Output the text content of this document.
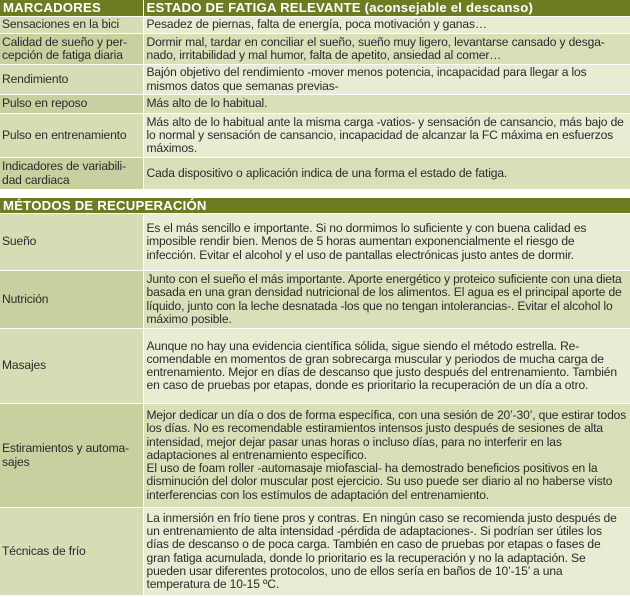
MARCADORES	ESTADO DE FATIGA RELEVANTE (aconsejable el descanso)
Sensaciones en la bici	Pesadez de piernas, falta de energía, poca motivación y ganas…
Calidad de sueño y per-cepción de fatiga diaria	Dormir mal, tardar en conciliar el sueño, sueño muy ligero, levantarse cansado y desga-nado, irritabilidad y mal humor, falta de apetito, ansiedad al comer…
Rendimiento	Bajón objetivo del rendimiento -mover menos potencia, incapacidad para llegar a los mismos datos que semanas previas-
Pulso en reposo	Más alto de lo habitual.
Pulso en entrenamiento	Más alto de lo habitual ante la misma carga -vatios- y sensación de cansancio, más bajo de lo normal y sensación de cansancio, incapacidad de alcanzar la FC máxima en esfuerzos máximos.
Indicadores de variabili-dad cardiaca	Cada dispositivo o aplicación indica de una forma el estado de fatiga.
MÉTODOS DE RECUPERACIÓN	
Sueño	Es el más sencillo e importante. Si no dormimos lo suficiente y con buena calidad es imposible rendir bien. Menos de 5 horas aumentan exponencialmente el riesgo de infección. Evitar el alcohol y el uso de pantallas electrónicas justo antes de dormir.
Nutrición	Junto con el sueño el más importante. Aporte energético y proteico suficiente con una dieta basada en una gran densidad nutricional de los alimentos. El agua es el principal aporte de líquido, junto con la leche desnatada -los que no tengan intolerancias-. Evitar el alcohol lo máximo posible.
Masajes	Aunque no hay una evidencia científica sólida, sigue siendo el método estrella. Re-comendable en momentos de gran sobrecarga muscular y periodos de mucha carga de entrenamiento. Mejor en días de descanso que justo después del entrenamiento. También en caso de pruebas por etapas, donde es prioritario la recuperación de un día a otro.
Estiramientos y automa-sajes	Mejor dedicar un día o dos de forma específica, con una sesión de 20’-30’, que estirar todos los días. No es recomendable estiramientos intensos justo después de sesiones de alta intensidad, mejor dejar pasar unas horas o incluso días, para no interferir en las adaptaciones al entrenamiento específico.
El uso de foam roller -automasaje miofascial- ha demostrado beneficios positivos en la disminución del dolor muscular post ejercicio. Su uso puede ser diario al no haberse visto interferencias con los estímulos de adaptación del entrenamiento.

Técnicas de frío	La inmersión en frío tiene pros y contras. En ningún caso se recomienda justo después de un entrenamiento de alta intensidad -pérdida de adaptaciones-. Si podrían ser útiles los días de descanso o de poca carga. También en caso de pruebas por etapas o fases de gran fatiga acumulada, donde lo prioritario es la recuperación y no la adaptación. Se pueden usar diferentes protocolos, uno de ellos sería en baños de 10’-15’ a una temperatura de 10-15 ºC.
